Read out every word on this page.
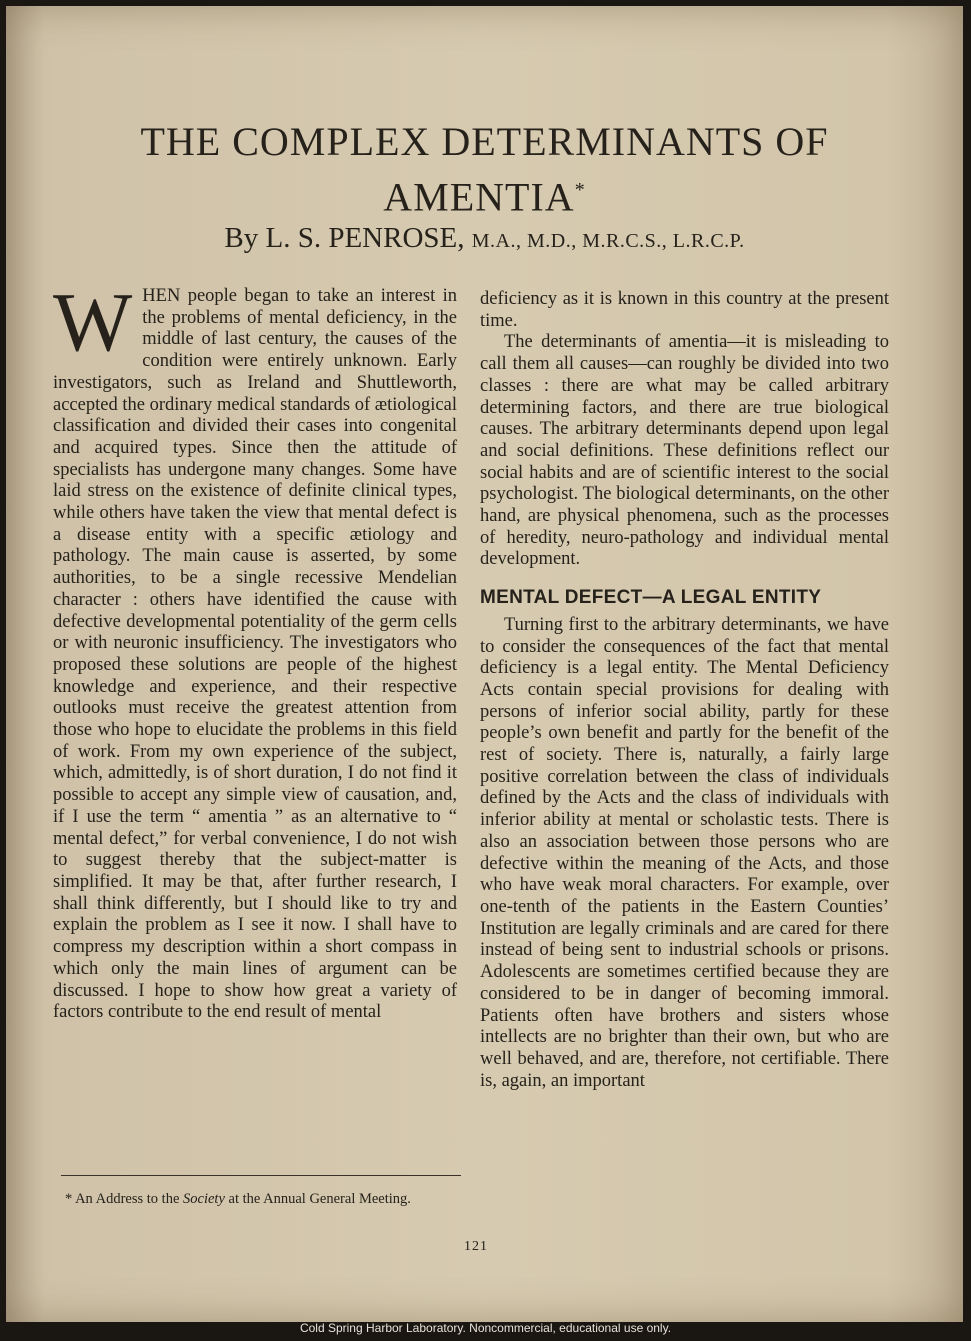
THE COMPLEX DETERMINANTS OF AMENTIA*
By L. S. PENROSE, M.A., M.D., M.R.C.S., L.R.C.P.
W HEN people began to take an interest in the problems of mental deficiency, in the middle of last century, the causes of the condition were entirely unknown. Early investigators, such as Ireland and Shuttleworth, accepted the ordinary medical standards of ætiological classification and divided their cases into congenital and acquired types. Since then the attitude of specialists has undergone many changes. Some have laid stress on the existence of definite clinical types, while others have taken the view that mental defect is a disease entity with a specific ætiology and pathology. The main cause is asserted, by some authorities, to be a single recessive Mendelian character : others have identified the cause with defective developmental potentiality of the germ cells or with neuronic insufficiency. The investigators who proposed these solutions are people of the highest knowledge and experience, and their respective outlooks must receive the greatest attention from those who hope to elucidate the problems in this field of work. From my own experience of the subject, which, admittedly, is of short duration, I do not find it possible to accept any simple view of causation, and, if I use the term “ amentia ” as an alternative to “ mental defect,” for verbal convenience, I do not wish to suggest thereby that the subject-matter is simplified. It may be that, after further research, I shall think differently, but I should like to try and explain the problem as I see it now. I shall have to compress my description within a short compass in which only the main lines of argument can be discussed. I hope to show how great a variety of factors contribute to the end result of mental

deficiency as it is known in this country at the present time.

The determinants of amentia—it is misleading to call them all causes—can roughly be divided into two classes : there are what may be called arbitrary determining factors, and there are true biological causes. The arbitrary determinants depend upon legal and social definitions. These definitions reflect our social habits and are of scientific interest to the social psychologist. The biological determinants, on the other hand, are physical phenomena, such as the processes of heredity, neuro-pathology and individual mental development.

MENTAL DEFECT—A LEGAL ENTITY

Turning first to the arbitrary determinants, we have to consider the consequences of the fact that mental deficiency is a legal entity. The Mental Deficiency Acts contain special provisions for dealing with persons of inferior social ability, partly for these people’s own benefit and partly for the benefit of the rest of society. There is, naturally, a fairly large positive correlation between the class of individuals defined by the Acts and the class of individuals with inferior ability at mental or scholastic tests. There is also an association between those persons who are defective within the meaning of the Acts, and those who have weak moral characters. For example, over one-tenth of the patients in the Eastern Counties’ Institution are legally criminals and are cared for there instead of being sent to industrial schools or prisons. Adolescents are sometimes certified because they are considered to be in danger of becoming immoral. Patients often have brothers and sisters whose intellects are no brighter than their own, but who are well behaved, and are, therefore, not certifiable. There is, again, an important

* An Address to the Society at the Annual General Meeting.
121
Cold Spring Harbor Laboratory. Noncommercial, educational use only.
